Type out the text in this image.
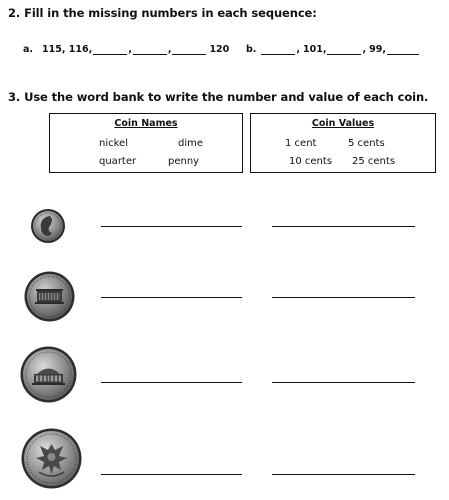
2. Fill in the missing numbers in each sequence:
a. 115, 116,	,	,	120 b.	, 101,	, 99,
3. Use the word bank to write the number and value of each coin.
Coin Names
nickel	dime
quarter	penny
Coin Values
1 cent	5 cents
10 cents 25 cents
